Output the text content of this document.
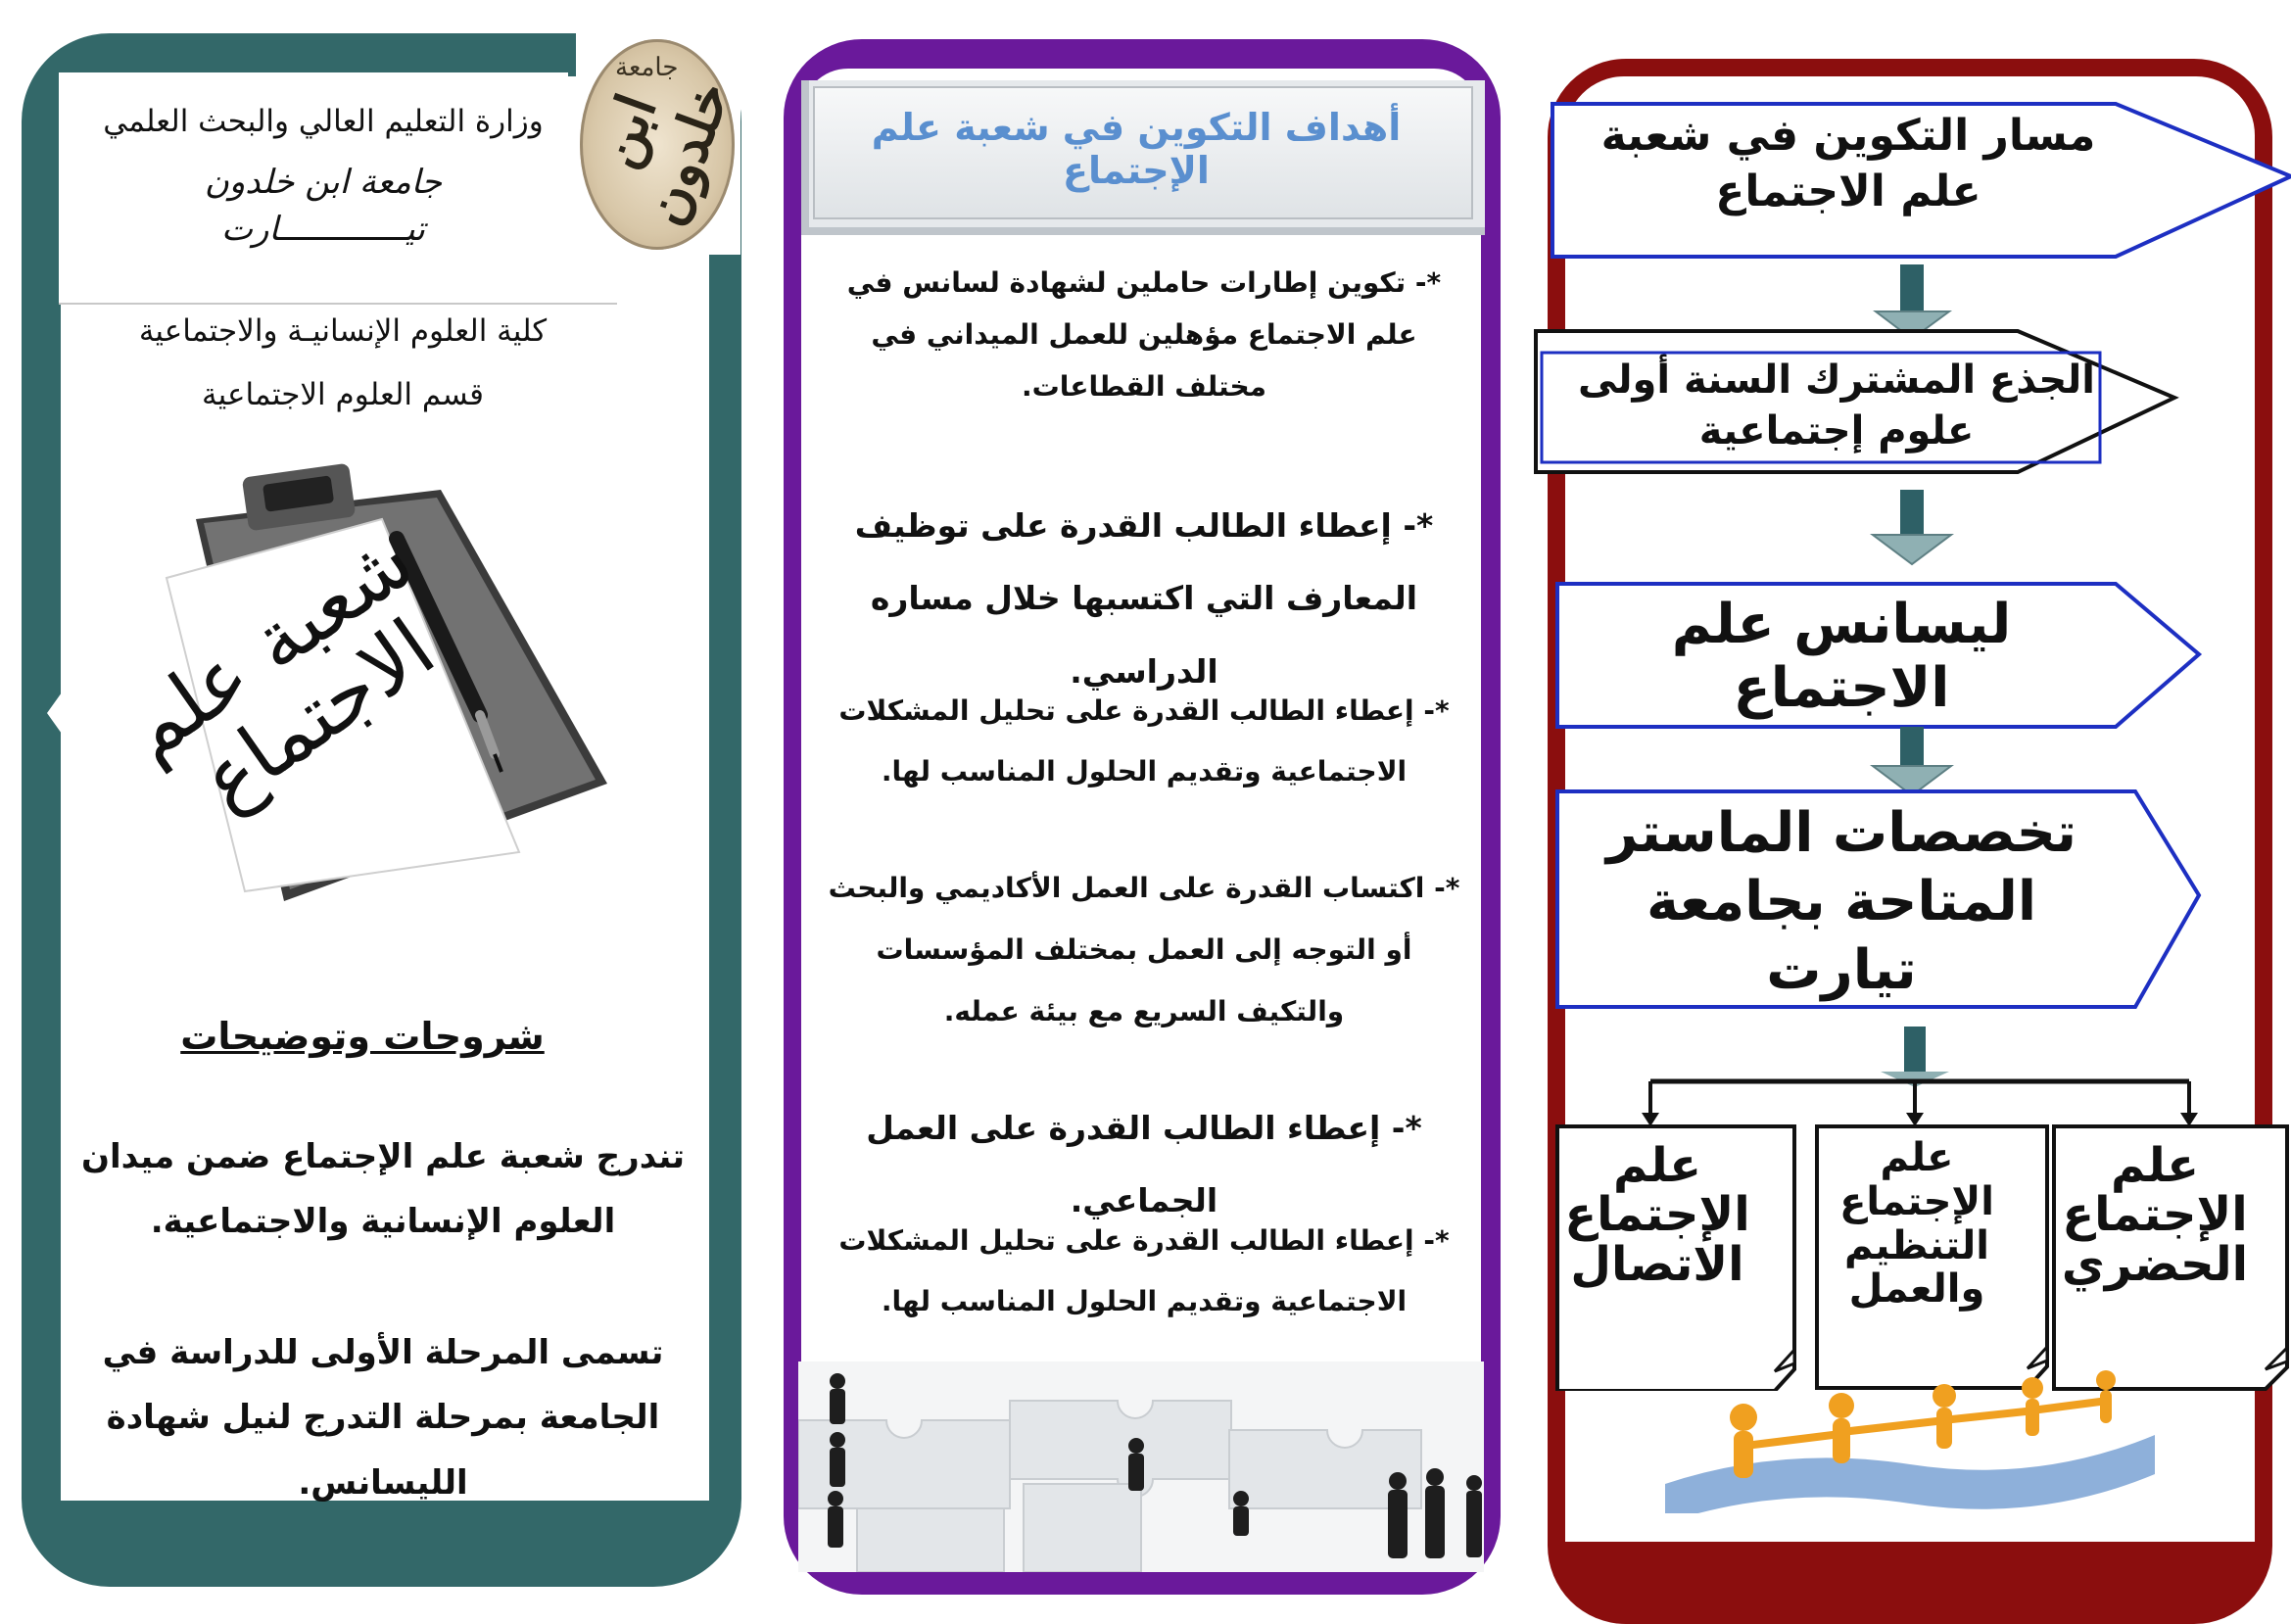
جامعة
ابن خلدون
وزارة التعليم العالي والبحث العلمي
جامعة ابن خلدون
تيـــــــــــــارت
كلية العلوم الإنسانيـة والاجتماعية
قسم العلوم الاجتماعية
شعبة علم الاجتماع
شروحات وتوضيحات
تندرج شعبة علم الإجتماع ضمن ميدان العلوم الإنسانية والاجتماعية.
تسمى المرحلة الأولى للدراسة في الجامعة بمرحلة التدرج لنيل شهادة الليسانس.
أهداف التكوين في شعبة علم الإجتماع
*- تكوين إطارات حاملين لشهادة لسانس في علم الاجتماع مؤهلين للعمل الميداني في مختلف القطاعات.
*- إعطاء الطالب القدرة على توظيف المعارف التي اكتسبها خلال مساره الدراسي.
*- إعطاء الطالب القدرة على تحليل المشكلات الاجتماعية وتقديم الحلول المناسب لها.
*- اكتساب القدرة على العمل الأكاديمي والبحث أو التوجه إلى العمل بمختلف المؤسسات والتكيف السريع مع بيئة عمله.
*- إعطاء الطالب القدرة على العمل الجماعي.
*- إعطاء الطالب القدرة على تحليل المشكلات الاجتماعية وتقديم الحلول المناسب لها.
مسار التكوين في شعبة علم الاجتماع
الجذع المشترك السنة أولى علوم إجتماعية
ليسانس علم الاجتماع
تخصصات الماستر المتاحة بجامعة تيارت
علم الإجتماع الحضري
علم الإجتماع التنظيم والعمل
علم الإجتماع الاتصال
